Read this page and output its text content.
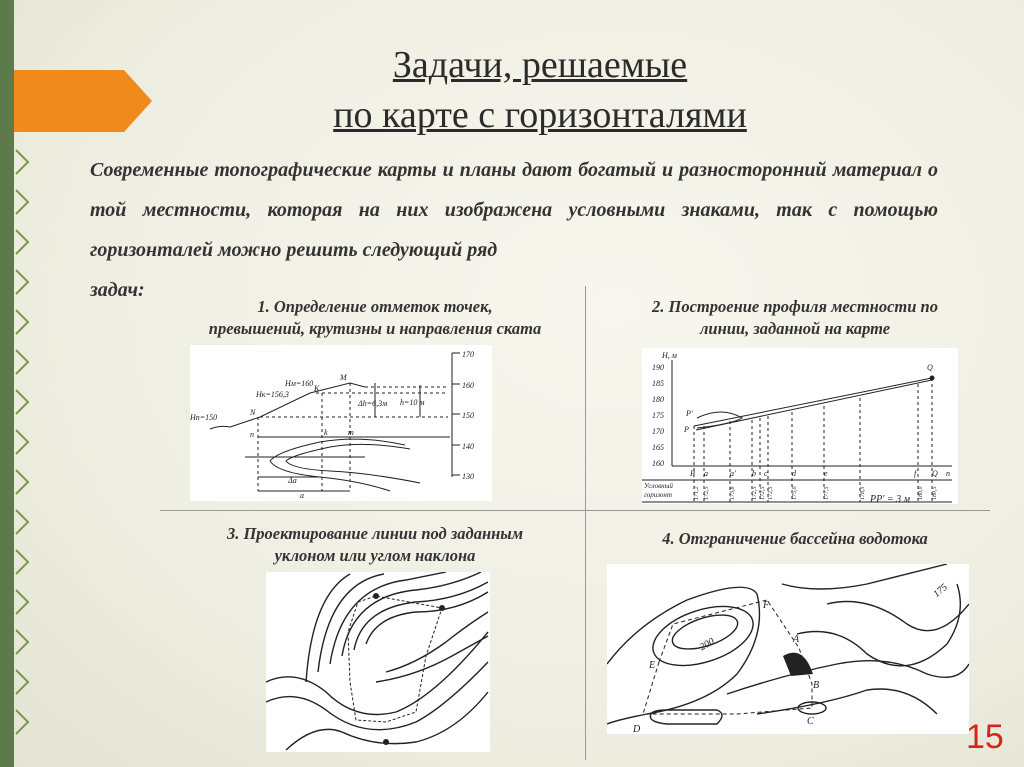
Задачи, решаемые
по карте с горизонталями
Современные топографические карты и планы дают богатый и разносторонний материал о той местности, которая на них изображена условными знаками, так с помощью горизонталей можно решить следующий ряд
задач:
1. Определение отметок точек,
превышений, крутизны и направления ската
2. Построение профиля местности по
линии, заданной на карте
3. Проектирование линии под заданным
уклоном или углом наклона
4. Отграничение бассейна водотока
Hм=160
Hк=156,3
Hn=150
M
K
N
Δh=6,3м h=10 м
n	k	m
Δa
a
170
160
150
140
130
H, м
190
185
180
175
170
165
160
P'
P
Q
P a	a' b c	d	e	f Q n
Условный
горизонт	171,2 172,5	173,8	172,5 172,5 172,5	175,0	177,5	178,5	180,0 180,5
PP' = 3 м
175
200	A
B
C
D
E
F
15
